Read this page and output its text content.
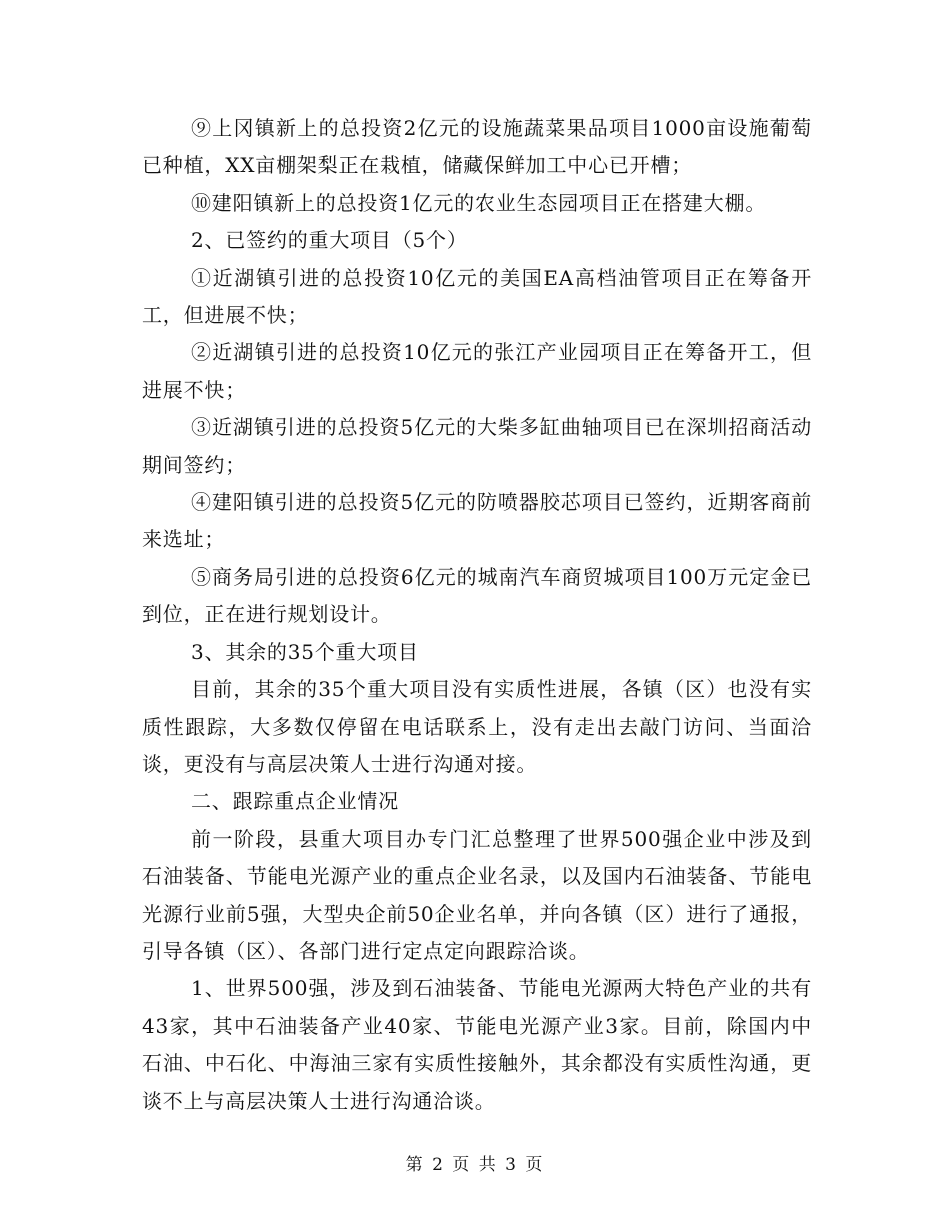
⑨上冈镇新上的总投资2亿元的设施蔬菜果品项目1000亩设施葡萄已种植，XX亩棚架梨正在栽植，储藏保鲜加工中心已开槽；

⑩建阳镇新上的总投资1亿元的农业生态园项目正在搭建大棚。

2、已签约的重大项目（5个）

①近湖镇引进的总投资10亿元的美国EA高档油管项目正在筹备开工，但进展不快；

②近湖镇引进的总投资10亿元的张江产业园项目正在筹备开工，但进展不快；

③近湖镇引进的总投资5亿元的大柴多缸曲轴项目已在深圳招商活动期间签约；

④建阳镇引进的总投资5亿元的防喷器胶芯项目已签约，近期客商前来选址；

⑤商务局引进的总投资6亿元的城南汽车商贸城项目100万元定金已到位，正在进行规划设计。

3、其余的35个重大项目

目前，其余的35个重大项目没有实质性进展，各镇（区）也没有实质性跟踪，大多数仅停留在电话联系上，没有走出去敲门访问、当面洽谈，更没有与高层决策人士进行沟通对接。

二、跟踪重点企业情况

前一阶段，县重大项目办专门汇总整理了世界500强企业中涉及到石油装备、节能电光源产业的重点企业名录，以及国内石油装备、节能电光源行业前5强，大型央企前50企业名单，并向各镇（区）进行了通报，引导各镇（区）、各部门进行定点定向跟踪洽谈。

1、世界500强，涉及到石油装备、节能电光源两大特色产业的共有43家，其中石油装备产业40家、节能电光源产业3家。目前，除国内中石油、中石化、中海油三家有实质性接触外，其余都没有实质性沟通，更谈不上与高层决策人士进行沟通洽谈。

第 2 页 共 3 页
